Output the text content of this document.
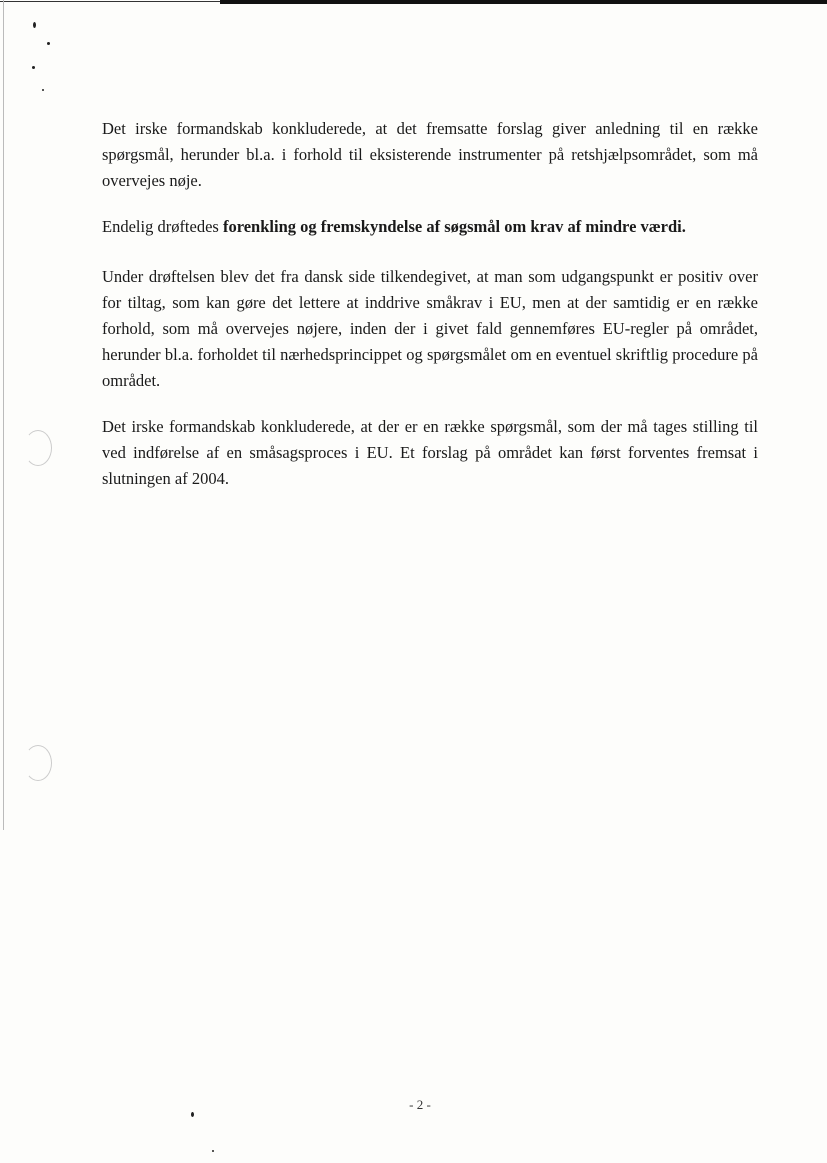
Det irske formandskab konkluderede, at det fremsatte forslag giver anledning til en række spørgsmål, herunder bl.a. i forhold til eksisterende instrumenter på retshjælpsområdet, som må overvejes nøje.

Endelig drøftedes forenkling og fremskyndelse af søgsmål om krav af mindre værdi.

Under drøftelsen blev det fra dansk side tilkendegivet, at man som udgangspunkt er positiv over for tiltag, som kan gøre det lettere at inddrive småkrav i EU, men at der samtidig er en række forhold, som må overvejes nøjere, inden der i givet fald gennemføres EU-regler på området, herunder bl.a. forholdet til nærhedsprincippet og spørgsmålet om en eventuel skriftlig procedure på området.

Det irske formandskab konkluderede, at der er en række spørgsmål, som der må tages stilling til ved indførelse af en småsagsproces i EU. Et forslag på området kan først forventes fremsat i slutningen af 2004.

- 2 -
